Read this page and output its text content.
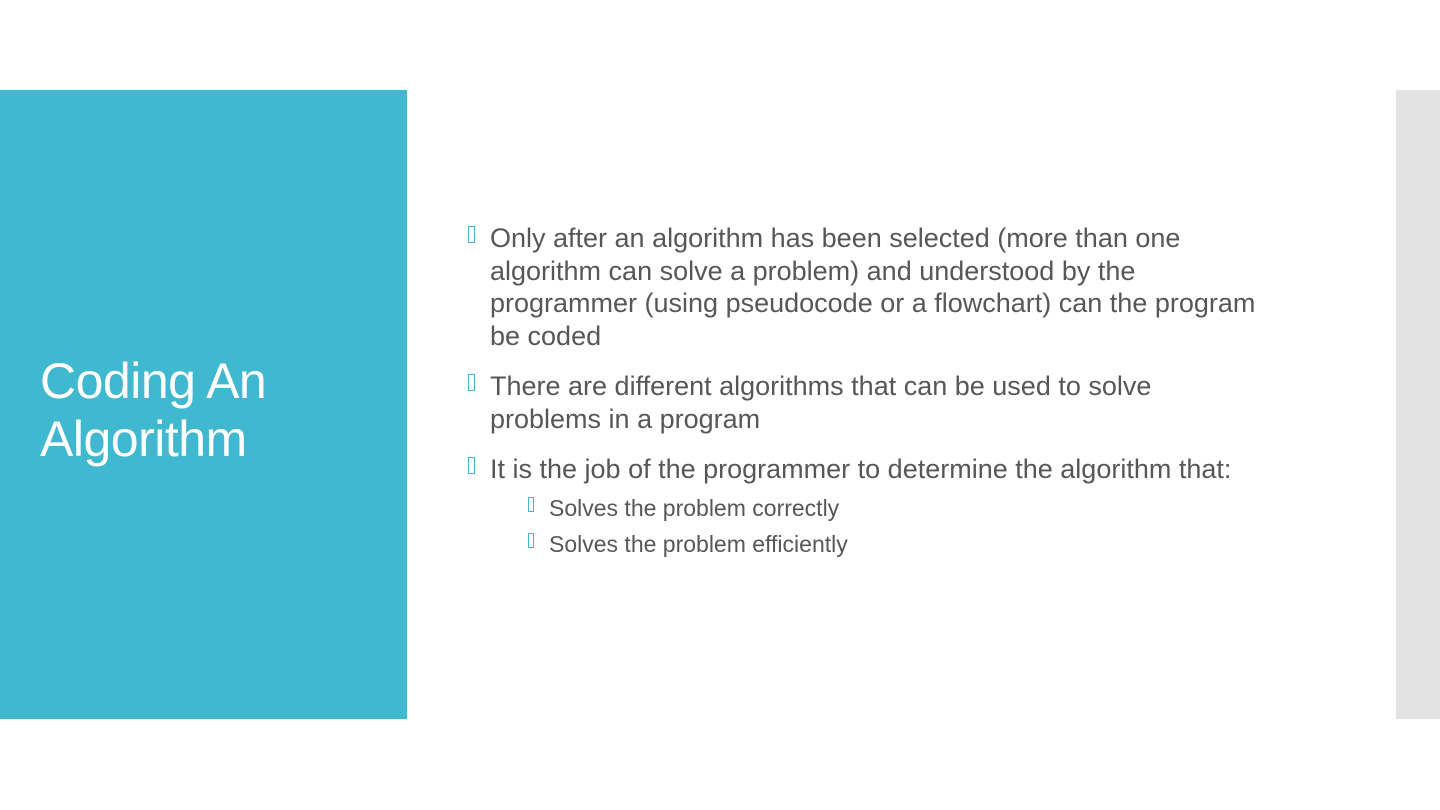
Coding An
Algorithm
Only after an algorithm has been selected (more than one algorithm can solve a problem) and understood by the programmer (using pseudocode or a flowchart) can the program be coded
There are different algorithms that can be used to solve problems in a program
It is the job of the programmer to determine the algorithm that:
Solves the problem correctly
Solves the problem efficiently
